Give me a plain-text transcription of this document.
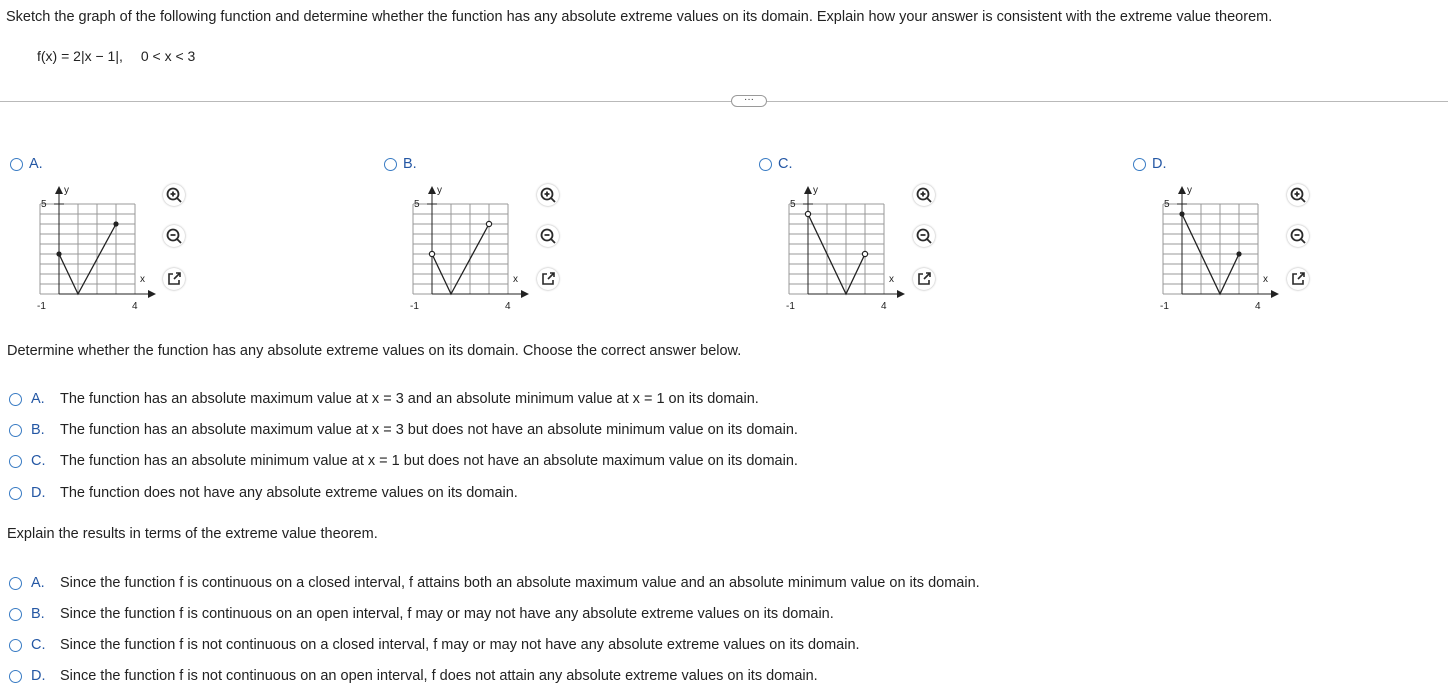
Sketch the graph of the following function and determine whether the function has any absolute extreme values on its domain. Explain how your answer is consistent with the extreme value theorem.
f(x) = 2|x − 1|, 0 < x < 3
···
A.
y
x
5
-1	4
B.
y
x
5
-1	4
C.
y
x
5
-1	4
D.
y
x
5
-1	4
Determine whether the function has any absolute extreme values on its domain. Choose the correct answer below.
A. The function has an absolute maximum value at x = 3 and an absolute minimum value at x = 1 on its domain.
B. The function has an absolute maximum value at x = 3 but does not have an absolute minimum value on its domain.
C. The function has an absolute minimum value at x = 1 but does not have an absolute maximum value on its domain.
D. The function does not have any absolute extreme values on its domain.
Explain the results in terms of the extreme value theorem.
A. Since the function f is continuous on a closed interval, f attains both an absolute maximum value and an absolute minimum value on its domain.
B. Since the function f is continuous on an open interval, f may or may not have any absolute extreme values on its domain.
C. Since the function f is not continuous on a closed interval, f may or may not have any absolute extreme values on its domain.
D. Since the function f is not continuous on an open interval, f does not attain any absolute extreme values on its domain.
